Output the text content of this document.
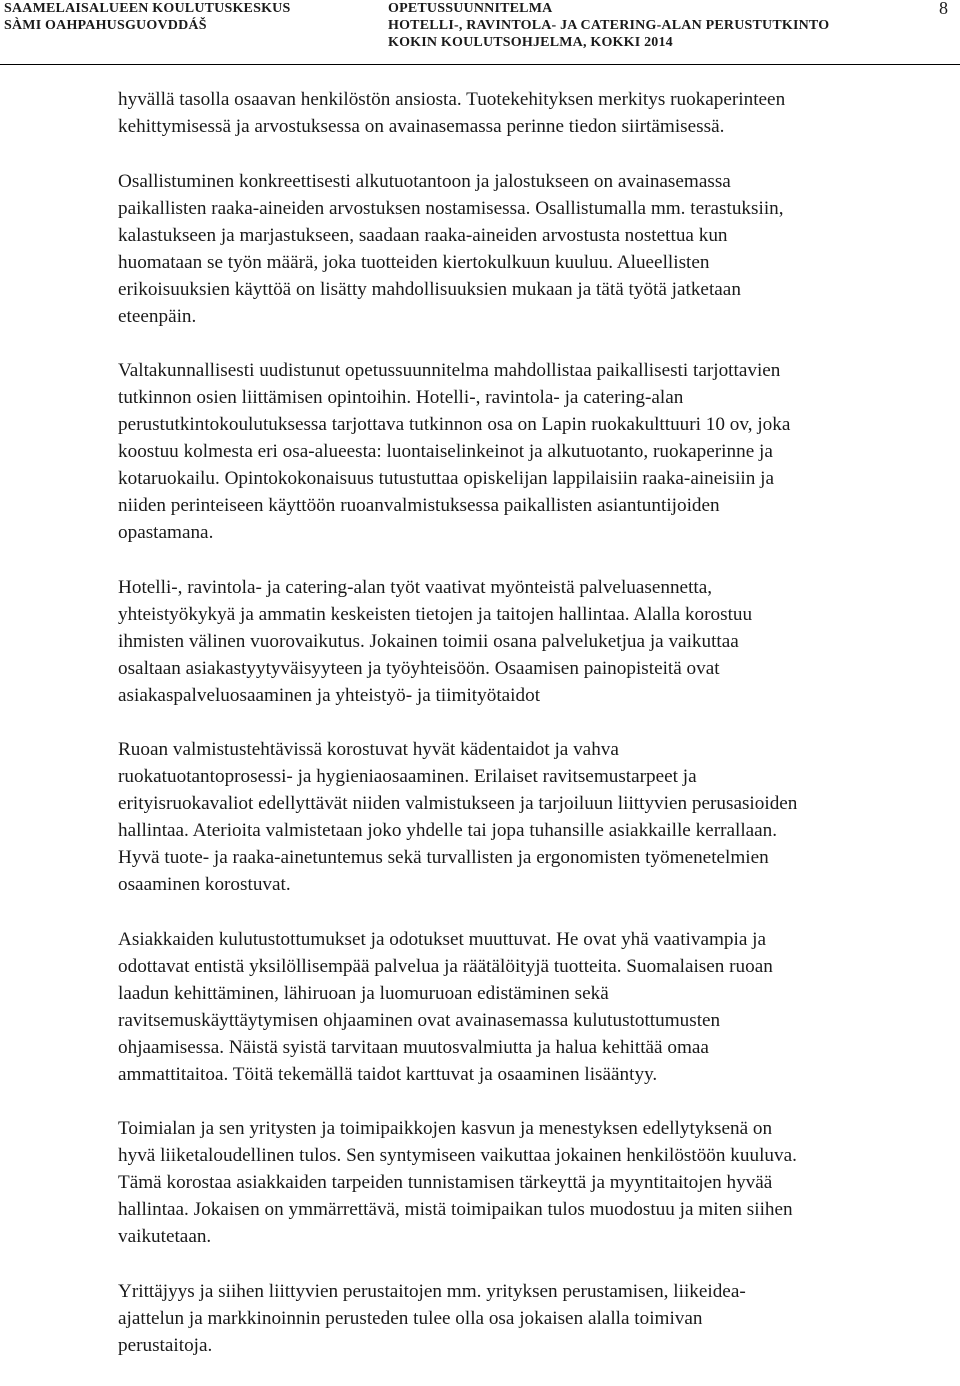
SAAMELAISALUEEN KOULUTUSKESKUS
SÀMI OAHPAHUSGUOVDDÁŠ
OPETUSSUUNNITELMA
HOTELLI-, RAVINTOLA- JA CATERING-ALAN PERUSTUTKINTO
KOKIN KOULUTSOHJELMA, KOKKI 2014
8

hyvällä tasolla osaavan henkilöstön ansiosta. Tuotekehityksen merkitys ruokaperinteen
kehittymisessä ja arvostuksessa on avainasemassa perinne tiedon siirtämisessä.

Osallistuminen konkreettisesti alkutuotantoon ja jalostukseen on avainasemassa
paikallisten raaka-aineiden arvostuksen nostamisessa. Osallistumalla mm. terastuksiin,
kalastukseen ja marjastukseen, saadaan raaka-aineiden arvostusta nostettua kun
huomataan se työn määrä, joka tuotteiden kiertokulkuun kuuluu. Alueellisten
erikoisuuksien käyttöä on lisätty mahdollisuuksien mukaan ja tätä työtä jatketaan
eteenpäin.

Valtakunnallisesti uudistunut opetussuunnitelma mahdollistaa paikallisesti tarjottavien
tutkinnon osien liittämisen opintoihin. Hotelli-, ravintola- ja catering-alan
perustutkintokoulutuksessa tarjottava tutkinnon osa on Lapin ruokakulttuuri 10 ov, joka
koostuu kolmesta eri osa-alueesta: luontaiselinkeinot ja alkutuotanto, ruokaperinne ja
kotaruokailu. Opintokokonaisuus tutustuttaa opiskelijan lappilaisiin raaka-aineisiin ja
niiden perinteiseen käyttöön ruoanvalmistuksessa paikallisten asiantuntijoiden
opastamana.

Hotelli-, ravintola- ja catering-alan työt vaativat myönteistä palveluasennetta,
yhteistyökykyä ja ammatin keskeisten tietojen ja taitojen hallintaa. Alalla korostuu
ihmisten välinen vuorovaikutus. Jokainen toimii osana palveluketjua ja vaikuttaa
osaltaan asiakastyytyväisyyteen ja työyhteisöön. Osaamisen painopisteitä ovat
asiakaspalveluosaaminen ja yhteistyö- ja tiimityötaidot

Ruoan valmistustehtävissä korostuvat hyvät kädentaidot ja vahva
ruokatuotantoprosessi- ja hygieniaosaaminen. Erilaiset ravitsemustarpeet ja
erityisruokavaliot edellyttävät niiden valmistukseen ja tarjoiluun liittyvien perusasioiden
hallintaa. Aterioita valmistetaan joko yhdelle tai jopa tuhansille asiakkaille kerrallaan.
Hyvä tuote- ja raaka-ainetuntemus sekä turvallisten ja ergonomisten työmenetelmien
osaaminen korostuvat.

Asiakkaiden kulutustottumukset ja odotukset muuttuvat. He ovat yhä vaativampia ja
odottavat entistä yksilöllisempää palvelua ja räätälöityjä tuotteita. Suomalaisen ruoan
laadun kehittäminen, lähiruoan ja luomuruoan edistäminen sekä
ravitsemuskäyttäytymisen ohjaaminen ovat avainasemassa kulutustottumusten
ohjaamisessa. Näistä syistä tarvitaan muutosvalmiutta ja halua kehittää omaa
ammattitaitoa. Töitä tekemällä taidot karttuvat ja osaaminen lisääntyy.

Toimialan ja sen yritysten ja toimipaikkojen kasvun ja menestyksen edellytyksenä on
hyvä liiketaloudellinen tulos. Sen syntymiseen vaikuttaa jokainen henkilöstöön kuuluva.
Tämä korostaa asiakkaiden tarpeiden tunnistamisen tärkeyttä ja myyntitaitojen hyvää
hallintaa. Jokaisen on ymmärrettävä, mistä toimipaikan tulos muodostuu ja miten siihen
vaikutetaan.

Yrittäjyys ja siihen liittyvien perustaitojen mm. yrityksen perustamisen, liikeidea-
ajattelun ja markkinoinnin perusteden tulee olla osa jokaisen alalla toimivan
perustaitoja.
